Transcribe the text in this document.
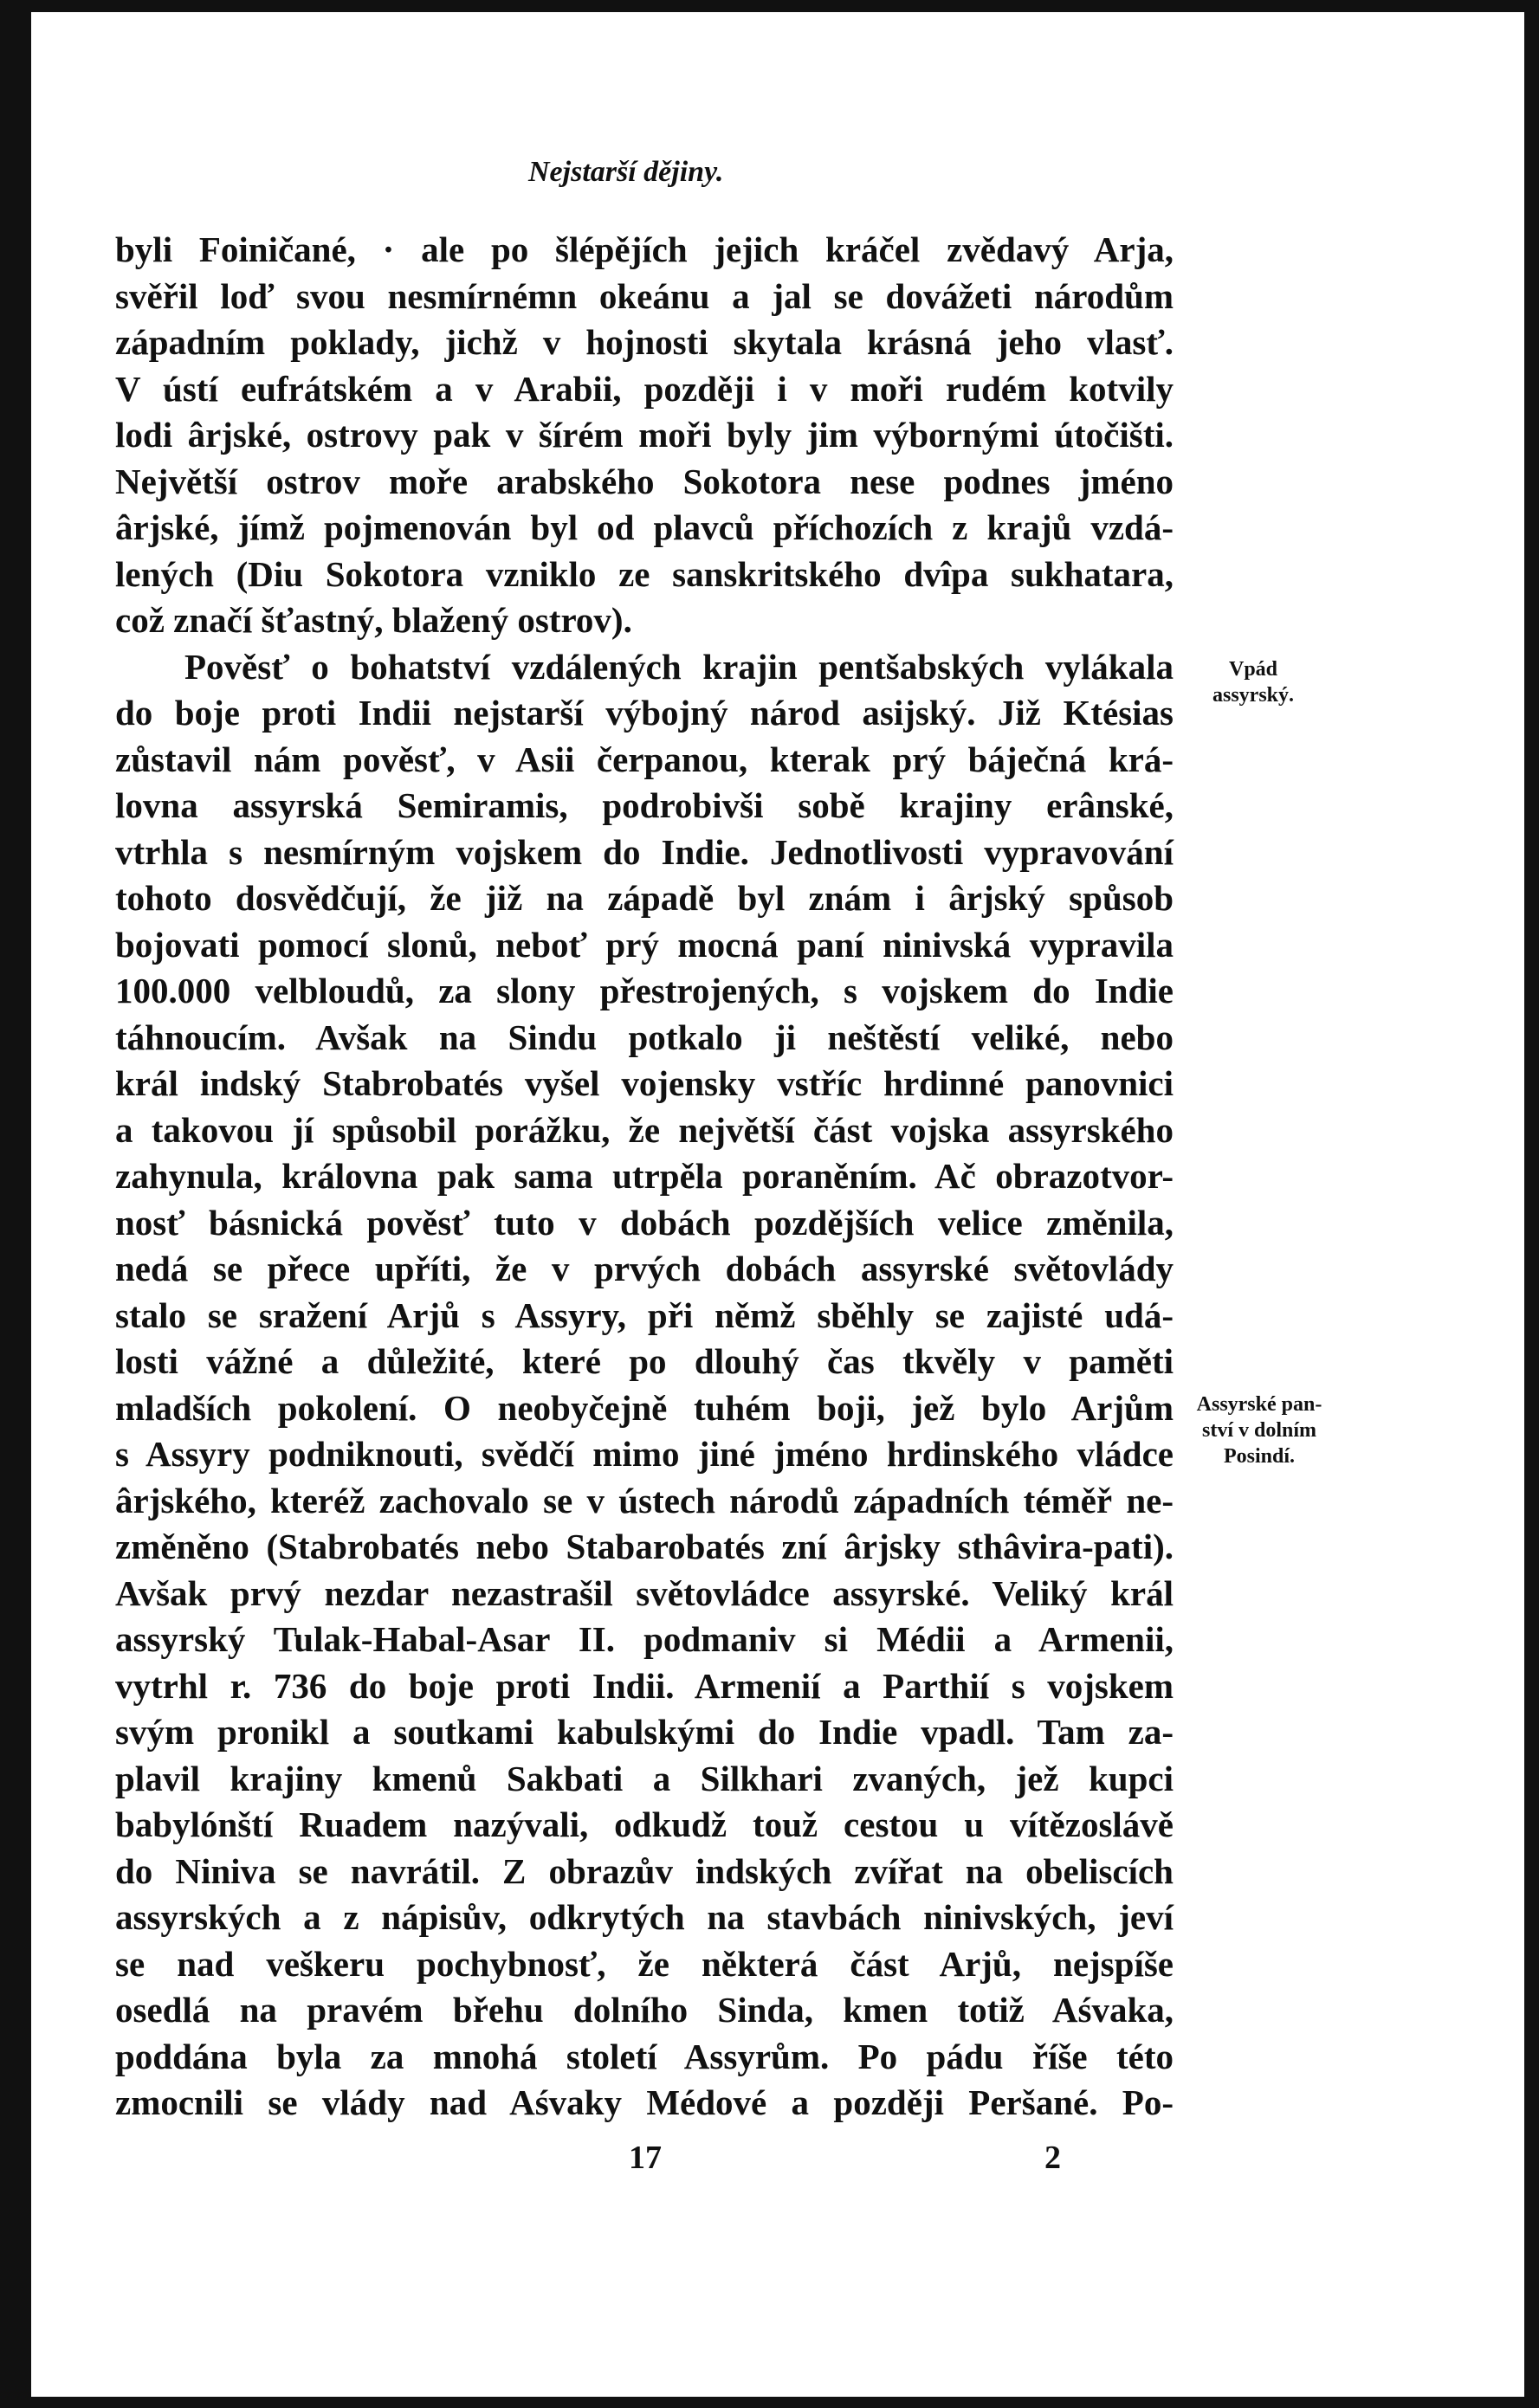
Nejstarší dějiny.
byli Foiničané, · ale po šlépějích jejich kráčel zvědavý Arja,
svěřil loď svou nesmírnémn okeánu a jal se dovážeti národům
západním poklady, jichž v hojnosti skytala krásná jeho vlasť.
V ústí eufrátském a v Arabii, později i v moři rudém kotvily
lodi ârjské, ostrovy pak v šírém moři byly jim výbornými útočišti.
Největší ostrov moře arabského Sokotora nese podnes jméno
ârjské, jímž pojmenován byl od plavců příchozích z krajů vzdá-
lených (Diu Sokotora vzniklo ze sanskritského dvîpa sukhatara,
což značí šťastný, blažený ostrov).
Pověsť o bohatství vzdálených krajin pentšabských vylákala
do boje proti Indii nejstarší výbojný národ asijský. Již Ktésias
zůstavil nám pověsť, v Asii čerpanou, kterak prý báječná krá-
lovna assyrská Semiramis, podrobivši sobě krajiny erânské,
vtrhla s nesmírným vojskem do Indie. Jednotlivosti vypravování
tohoto dosvědčují, že již na západě byl znám i ârjský spůsob
bojovati pomocí slonů, neboť prý mocná paní ninivská vypravila
100.000 velbloudů, za slony přestrojených, s vojskem do Indie
táhnoucím. Avšak na Sindu potkalo ji neštěstí veliké, nebo
král indský Stabrobatés vyšel vojensky vstříc hrdinné panovnici
a takovou jí spůsobil porážku, že největší část vojska assyrského
zahynula, královna pak sama utrpěla poraněním. Ač obrazotvor-
nosť básnická pověsť tuto v dobách pozdějších velice změnila,
nedá se přece upříti, že v prvých dobách assyrské světovlády
stalo se sražení Arjů s Assyry, při němž sběhly se zajisté udá-
losti vážné a důležité, které po dlouhý čas tkvěly v paměti
mladších pokolení. O neobyčejně tuhém boji, jež bylo Arjům
s Assyry podniknouti, svědčí mimo jiné jméno hrdinského vládce
ârjského, kteréž zachovalo se v ústech národů západních téměř ne-
změněno (Stabrobatés nebo Stabarobatés zní ârjsky sthâvira-pati).
Avšak prvý nezdar nezastrašil světovládce assyrské. Veliký král
assyrský Tulak-Habal-Asar II. podmaniv si Médii a Armenii,
vytrhl r. 736 do boje proti Indii. Armenií a Parthií s vojskem
svým pronikl a soutkami kabulskými do Indie vpadl. Tam za-
plavil krajiny kmenů Sakbati a Silkhari zvaných, jež kupci
babylónští Ruadem nazývali, odkudž touž cestou u vítězoslávě
do Niniva se navrátil. Z obrazův indských zvířat na obeliscích
assyrských a z nápisův, odkrytých na stavbách ninivských, jeví
se nad veškeru pochybnosť, že některá část Arjů, nejspíše
osedlá na pravém břehu dolního Sinda, kmen totiž Aśvaka,
poddána byla za mnohá století Assyrům. Po pádu říše této
zmocnili se vlády nad Aśvaky Médové a později Peršané. Po-
Vpád
assyrský.
Assyrské pan-
ství v dolním
Posindí.
17	2
